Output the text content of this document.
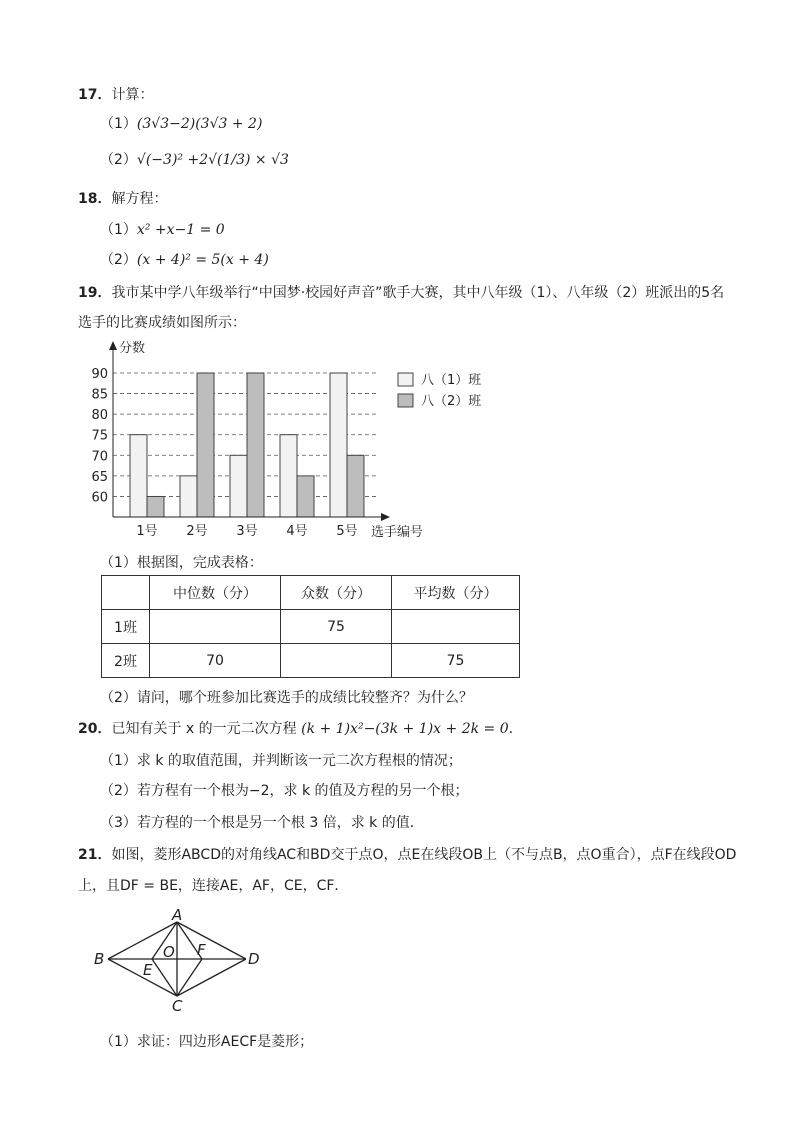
17．计算：
（1）(3√3−2)(3√3 + 2)
（2）√(−3)² +2√(1/3) × √3
18．解方程：
（1）x² +x−1 = 0
（2）(x + 4)² = 5(x + 4)
19．我市某中学八年级举行“中国梦·校园好声音”歌手大赛，其中八年级（1）、八年级（2）班派出的5名
选手的比赛成绩如图所示：
60
65
70
75
80
85
90
1号 2号 3号 4号 5号
分数
选手编号
八（1）班
八（2）班
（1）根据图，完成表格：
	中位数（分）	众数（分）	平均数（分）
1班		75	
2班	70		75
（2）请问，哪个班参加比赛选手的成绩比较整齐？为什么？
20．已知有关于 x 的一元二次方程 (k + 1)x²−(3k + 1)x + 2k = 0．
（1）求 k 的取值范围，并判断该一元二次方程根的情况；
（2）若方程有一个根为−2，求 k 的值及方程的另一个根；
（3）若方程的一个根是另一个根 3 倍，求 k 的值．
21．如图，菱形ABCD的对角线AC和BD交于点O，点E在线段OB上（不与点B，点O重合），点F在线段OD
上，且DF = BE，连接AE，AF，CE，CF．
A
B
C
D
O
E
F
（1）求证：四边形AECF是菱形；
